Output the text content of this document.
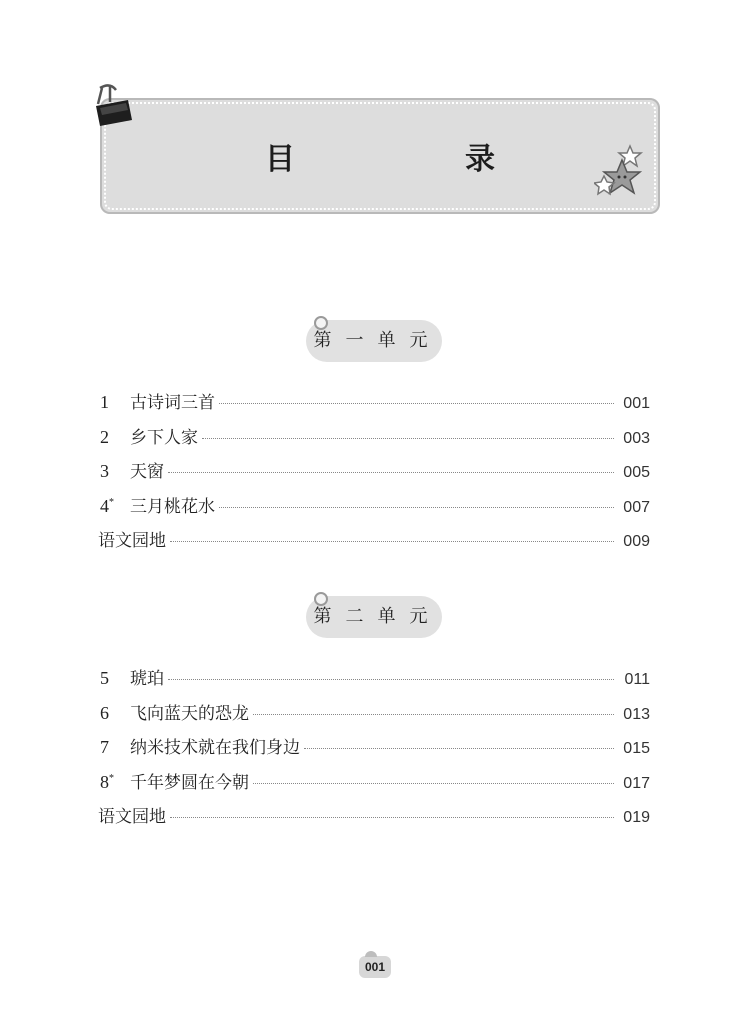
目　录
第一单元
1	古诗词三首	001
2	乡下人家	003
3	天窗	005
4* 三月桃花水	007
语文园地	009
第二单元
5	琥珀	011
6	飞向蓝天的恐龙	013
7	纳米技术就在我们身边	015
8* 千年梦圆在今朝	017
语文园地	019
001
